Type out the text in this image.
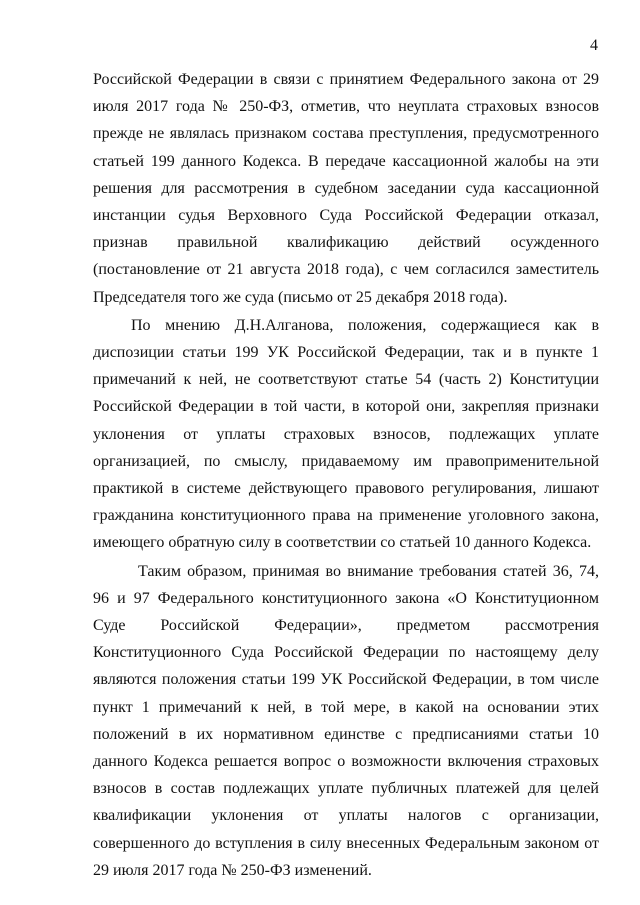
4

Российской Федерации в связи с принятием Федерального закона от 29 июля 2017 года № 250-ФЗ, отметив, что неуплата страховых взносов прежде не являлась признаком состава преступления, предусмотренного статьей 199 данного Кодекса. В передаче кассационной жалобы на эти решения для рассмотрения в судебном заседании суда кассационной инстанции судья Верховного Суда Российской Федерации отказал, признав правильной квалификацию действий осужденного (постановление от 21 августа 2018 года), с чем согласился заместитель Председателя того же суда (письмо от 25 декабря 2018 года).

По мнению Д.Н.Алганова, положения, содержащиеся как в диспозиции статьи 199 УК Российской Федерации, так и в пункте 1 примечаний к ней, не соответствуют статье 54 (часть 2) Конституции Российской Федерации в той части, в которой они, закрепляя признаки уклонения от уплаты страховых взносов, подлежащих уплате организацией, по смыслу, придаваемому им правоприменительной практикой в системе действующего правового регулирования, лишают гражданина конституционного права на применение уголовного закона, имеющего обратную силу в соответствии со статьей 10 данного Кодекса.

Таким образом, принимая во внимание требования статей 36, 74, 96 и 97 Федерального конституционного закона «О Конституционном Суде Российской Федерации», предметом рассмотрения Конституционного Суда Российской Федерации по настоящему делу являются положения статьи 199 УК Российской Федерации, в том числе пункт 1 примечаний к ней, в той мере, в какой на основании этих положений в их нормативном единстве с предписаниями статьи 10 данного Кодекса решается вопрос о возможности включения страховых взносов в состав подлежащих уплате публичных платежей для целей квалификации уклонения от уплаты налогов с организации, совершенного до вступления в силу внесенных Федеральным законом от 29 июля 2017 года № 250-ФЗ изменений.
